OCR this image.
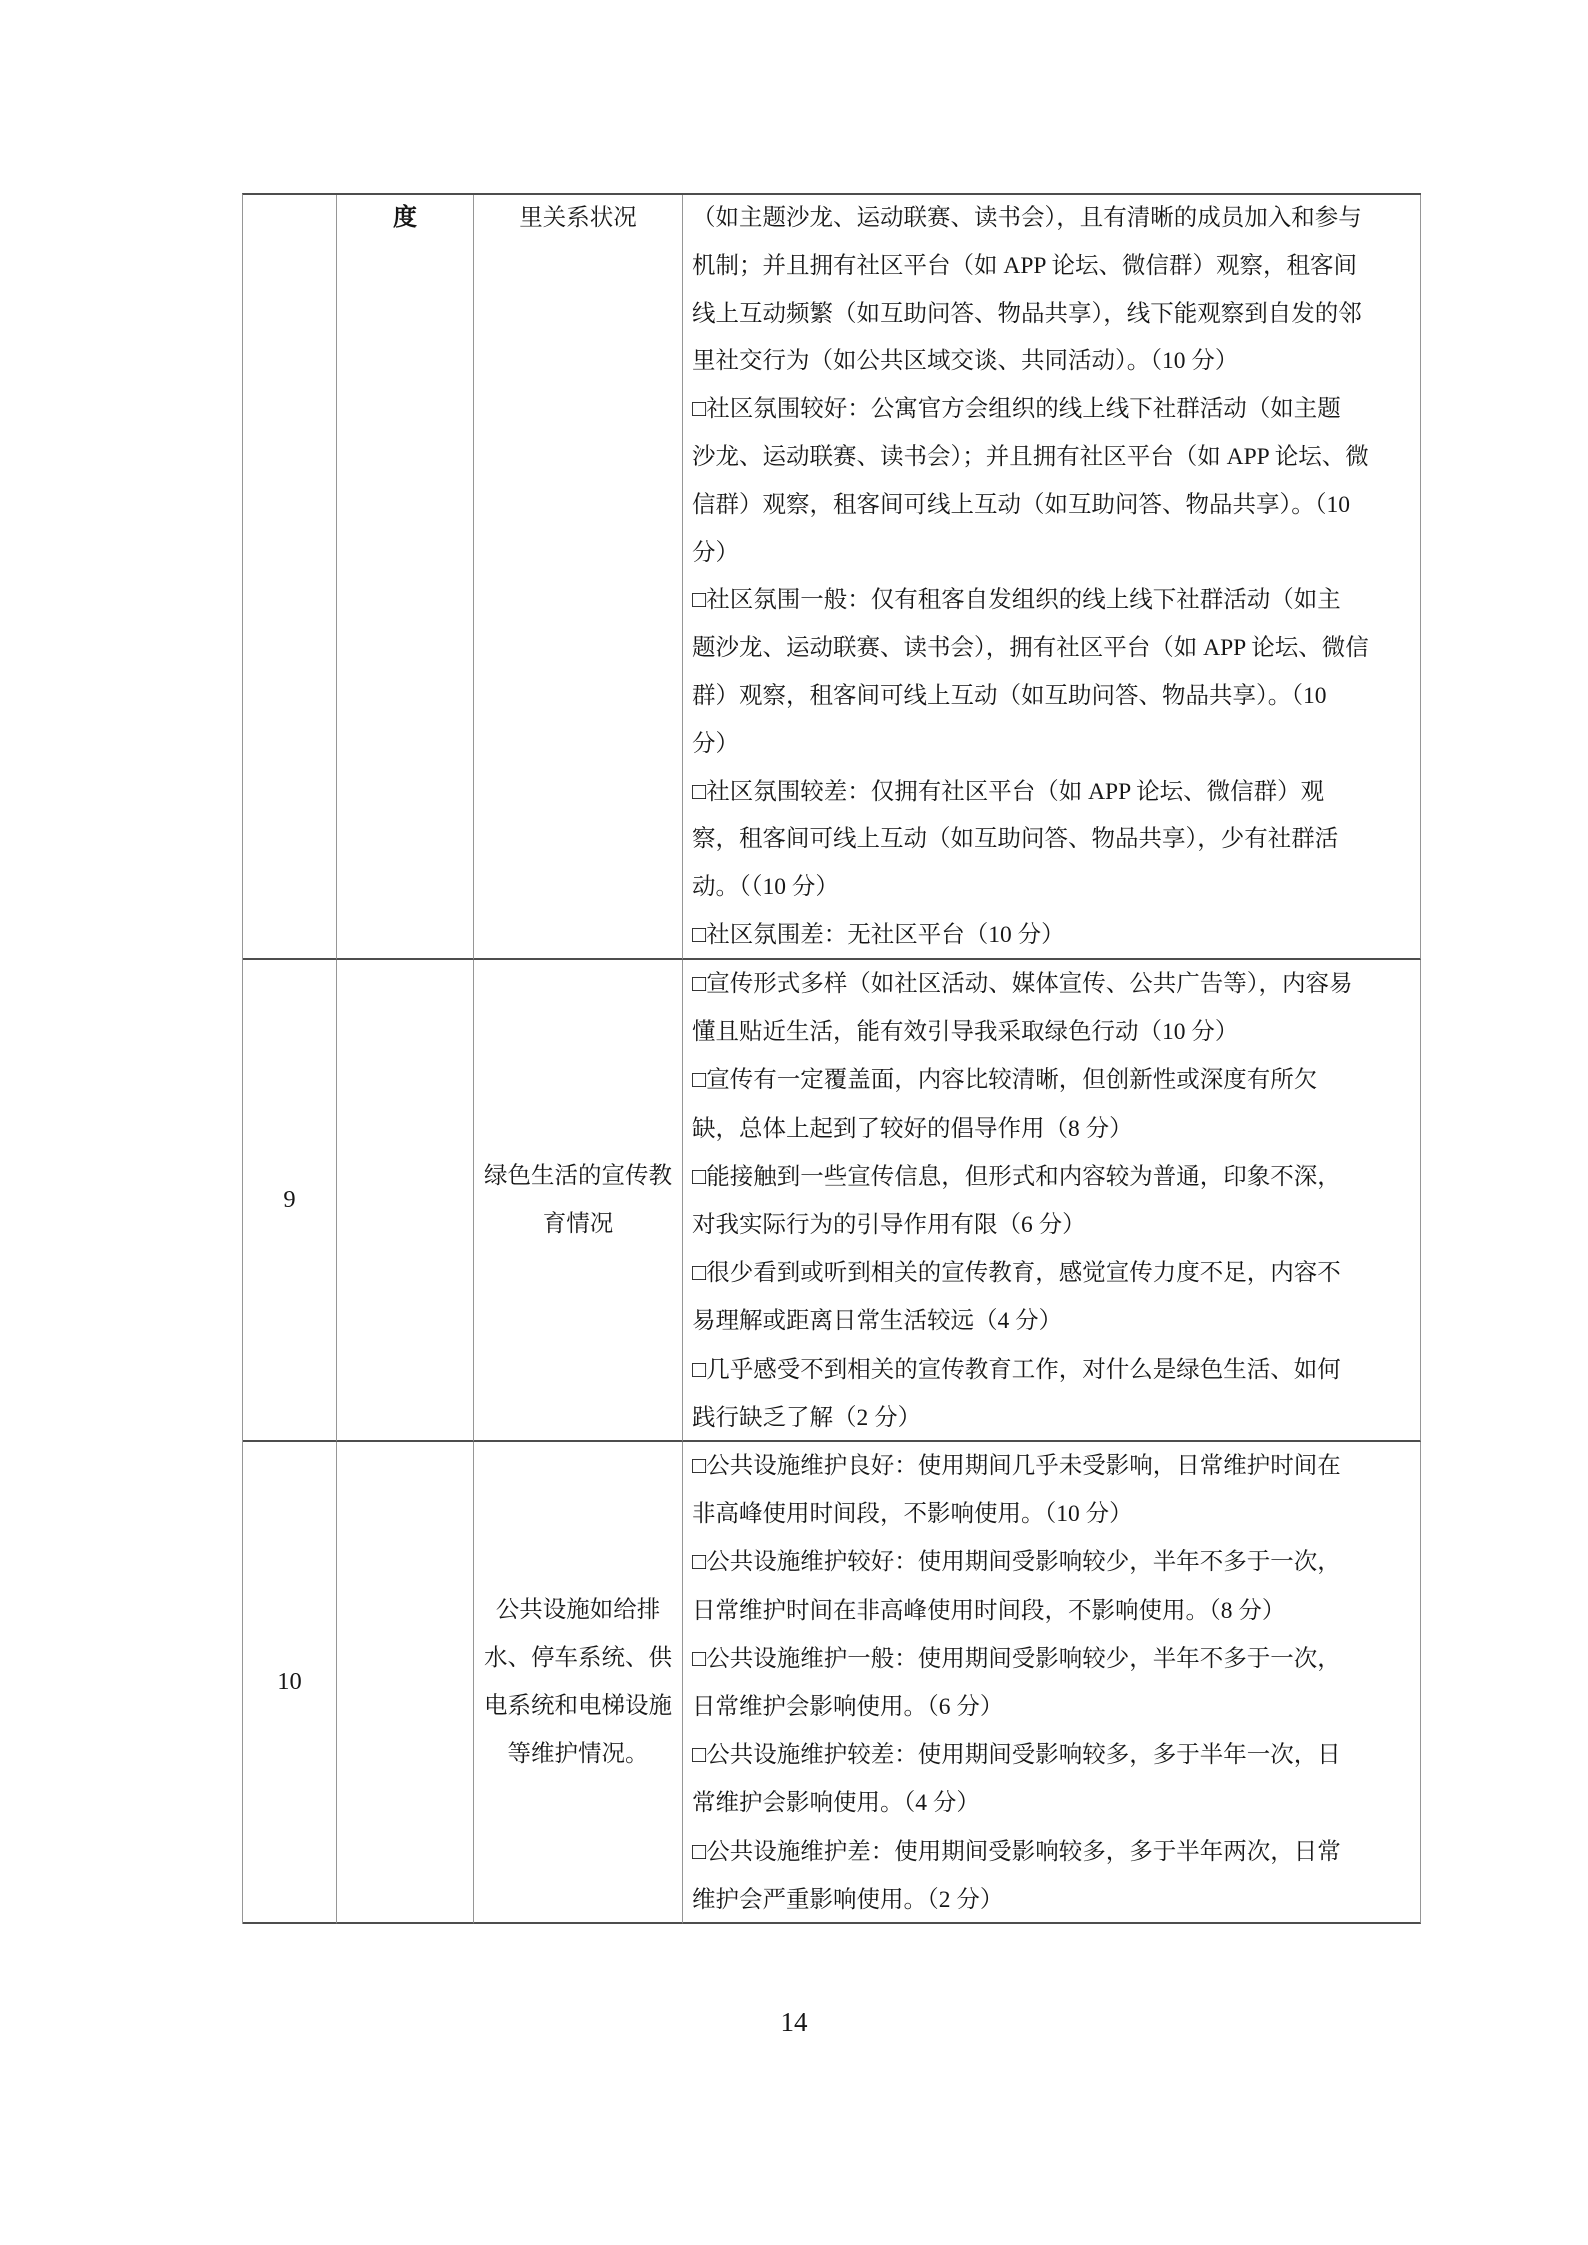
度	里关系状况	（如主题沙龙、运动联赛、读书会），且有清晰的成员加入和参与
机制；并且拥有社区平台（如 APP 论坛、微信群）观察，租客间
线上互动频繁（如互助问答、物品共享），线下能观察到自发的邻
里社交行为（如公共区域交谈、共同活动）。（10 分）
□社区氛围较好：公寓官方会组织的线上线下社群活动（如主题
沙龙、运动联赛、读书会）；并且拥有社区平台（如 APP 论坛、微
信群）观察，租客间可线上互动（如互助问答、物品共享）。（10
分）
□社区氛围一般：仅有租客自发组织的线上线下社群活动（如主
题沙龙、运动联赛、读书会），拥有社区平台（如 APP 论坛、微信
群）观察，租客间可线上互动（如互助问答、物品共享）。（10
分）
□社区氛围较差：仅拥有社区平台（如 APP 论坛、微信群）观
察，租客间可线上互动（如互助问答、物品共享），少有社群活
动。（（10 分）
□社区氛围差：无社区平台（10 分）
9
绿色生活的宣传教
育情况
□宣传形式多样（如社区活动、媒体宣传、公共广告等），内容易
懂且贴近生活，能有效引导我采取绿色行动（10 分）
□宣传有一定覆盖面，内容比较清晰，但创新性或深度有所欠
缺，总体上起到了较好的倡导作用（8 分）
□能接触到一些宣传信息，但形式和内容较为普通，印象不深，
对我实际行为的引导作用有限（6 分）
□很少看到或听到相关的宣传教育，感觉宣传力度不足，内容不
易理解或距离日常生活较远（4 分）
□几乎感受不到相关的宣传教育工作，对什么是绿色生活、如何
践行缺乏了解（2 分）
10
公共设施如给排
水、停车系统、供
电系统和电梯设施
等维护情况。
□公共设施维护良好：使用期间几乎未受影响，日常维护时间在
非高峰使用时间段，不影响使用。（10 分）
□公共设施维护较好：使用期间受影响较少，半年不多于一次，
日常维护时间在非高峰使用时间段，不影响使用。（8 分）
□公共设施维护一般：使用期间受影响较少，半年不多于一次，
日常维护会影响使用。（6 分）
□公共设施维护较差：使用期间受影响较多，多于半年一次，日
常维护会影响使用。（4 分）
□公共设施维护差：使用期间受影响较多，多于半年两次，日常
维护会严重影响使用。（2 分）
14
